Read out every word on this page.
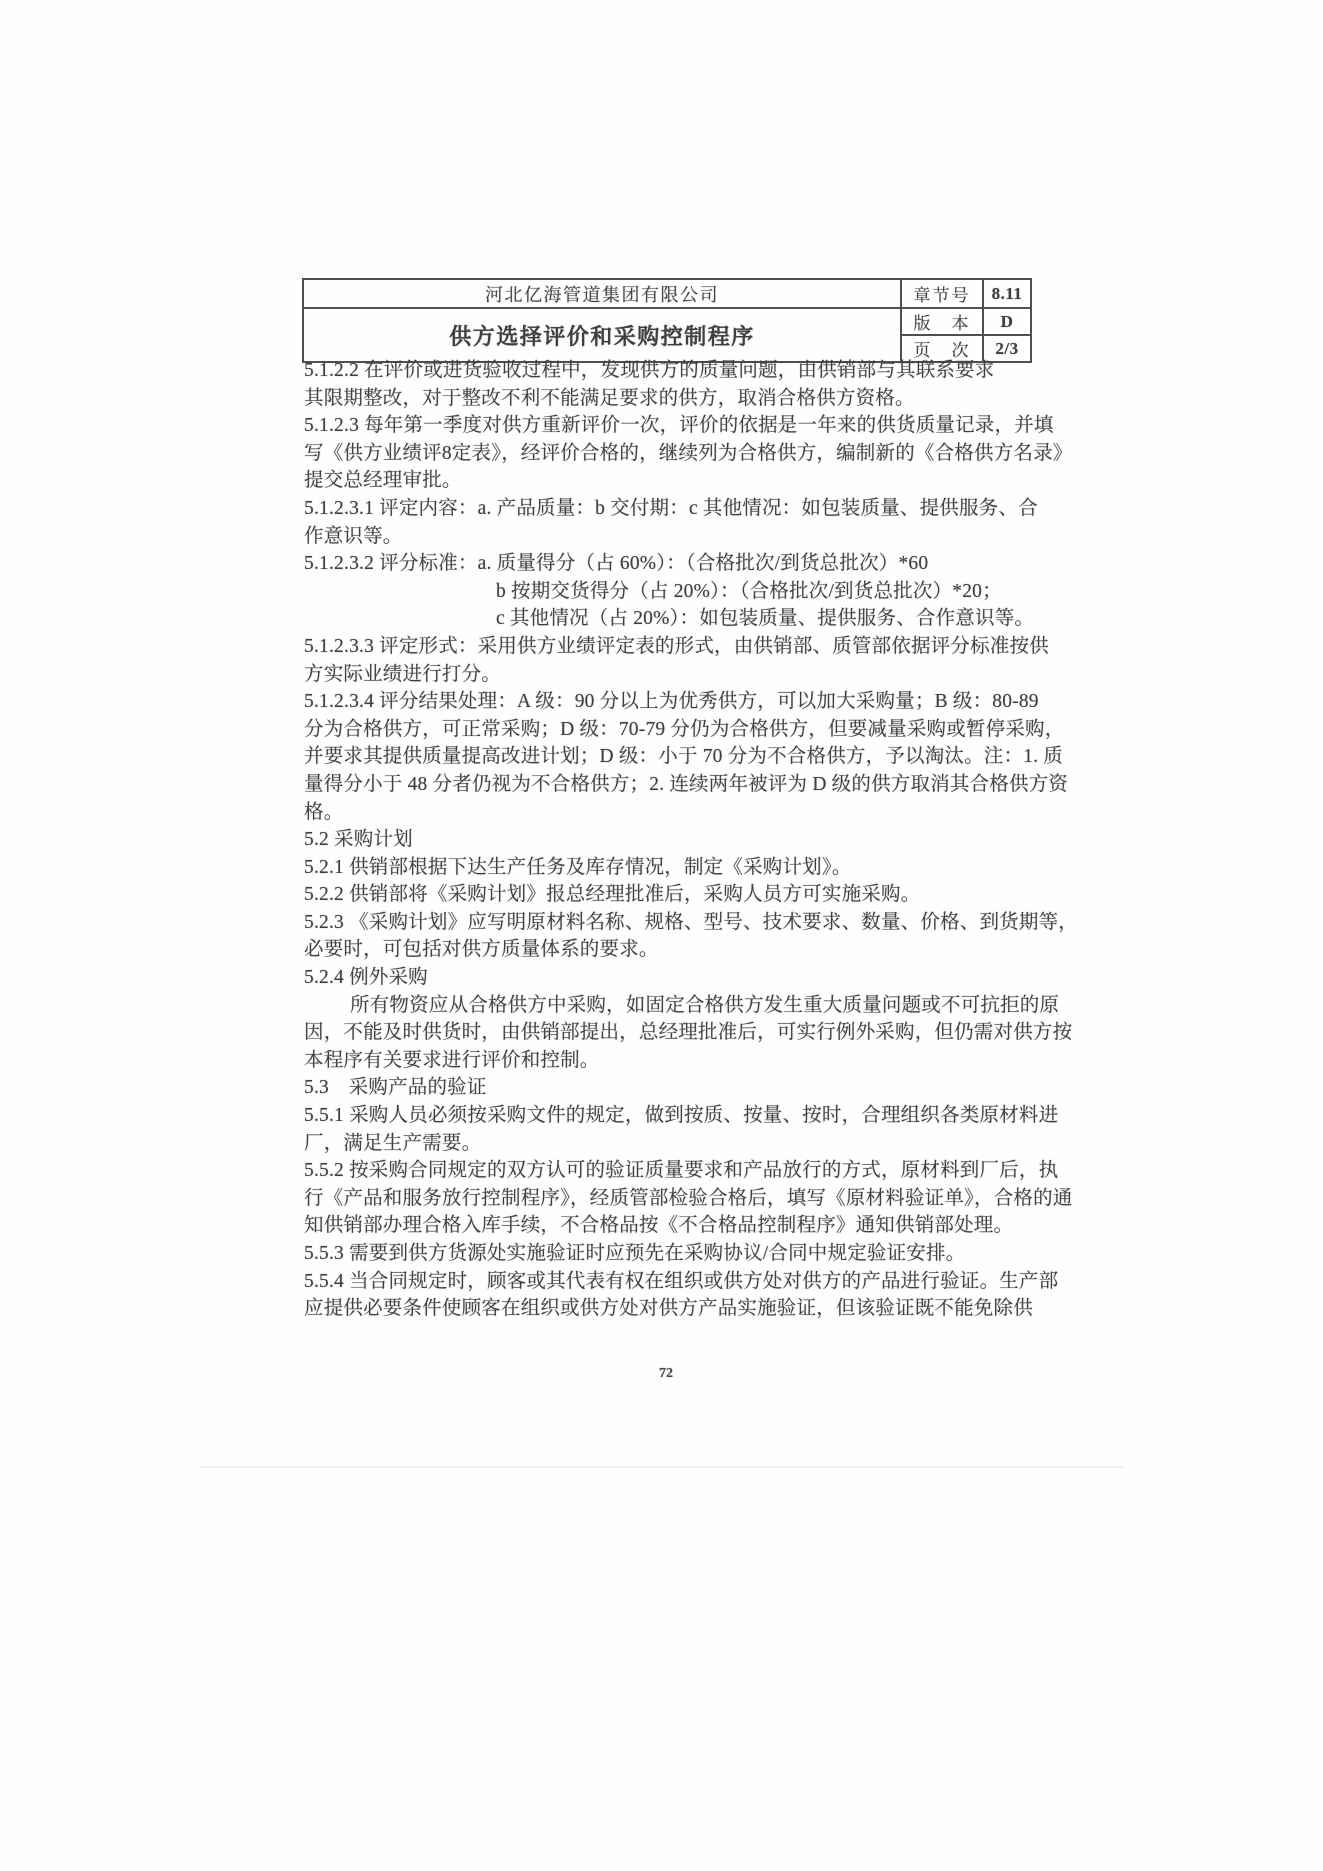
河北亿海管道集团有限公司	章节号	8.11
供方选择评价和采购控制程序	版　本	D
	页　次	2/3
5.1.2.2 在评价或进货验收过程中，发现供方的质量问题，由供销部与其联系要求
其限期整改，对于整改不利不能满足要求的供方，取消合格供方资格。
5.1.2.3 每年第一季度对供方重新评价一次，评价的依据是一年来的供货质量记录，并填
写《供方业绩评8定表》，经评价合格的，继续列为合格供方，编制新的《合格供方名录》
提交总经理审批。
5.1.2.3.1 评定内容：a. 产品质量：b 交付期：c 其他情况：如包装质量、提供服务、合
作意识等。
5.1.2.3.2 评分标准：a. 质量得分（占 60%）：（合格批次/到货总批次）*60
b 按期交货得分（占 20%）：（合格批次/到货总批次）*20；
c 其他情况（占 20%）：如包装质量、提供服务、合作意识等。
5.1.2.3.3 评定形式：采用供方业绩评定表的形式，由供销部、质管部依据评分标准按供
方实际业绩进行打分。
5.1.2.3.4 评分结果处理：A 级：90 分以上为优秀供方，可以加大采购量；B 级：80-89
分为合格供方，可正常采购；D 级：70-79 分仍为合格供方，但要减量采购或暂停采购，
并要求其提供质量提高改进计划；D 级：小于 70 分为不合格供方，予以淘汰。注：1. 质
量得分小于 48 分者仍视为不合格供方；2. 连续两年被评为 D 级的供方取消其合格供方资
格。
5.2 采购计划
5.2.1 供销部根据下达生产任务及库存情况，制定《采购计划》。
5.2.2 供销部将《采购计划》报总经理批准后，采购人员方可实施采购。
5.2.3 《采购计划》应写明原材料名称、规格、型号、技术要求、数量、价格、到货期等，
必要时，可包括对供方质量体系的要求。
5.2.4 例外采购
所有物资应从合格供方中采购，如固定合格供方发生重大质量问题或不可抗拒的原
因，不能及时供货时，由供销部提出，总经理批准后，可实行例外采购，但仍需对供方按
本程序有关要求进行评价和控制。
5.3　采购产品的验证
5.5.1 采购人员必须按采购文件的规定，做到按质、按量、按时，合理组织各类原材料进
厂，满足生产需要。
5.5.2 按采购合同规定的双方认可的验证质量要求和产品放行的方式，原材料到厂后，执
行《产品和服务放行控制程序》，经质管部检验合格后，填写《原材料验证单》，合格的通
知供销部办理合格入库手续，不合格品按《不合格品控制程序》通知供销部处理。
5.5.3 需要到供方货源处实施验证时应预先在采购协议/合同中规定验证安排。
5.5.4 当合同规定时，顾客或其代表有权在组织或供方处对供方的产品进行验证。生产部
应提供必要条件使顾客在组织或供方处对供方产品实施验证，但该验证既不能免除供
72
